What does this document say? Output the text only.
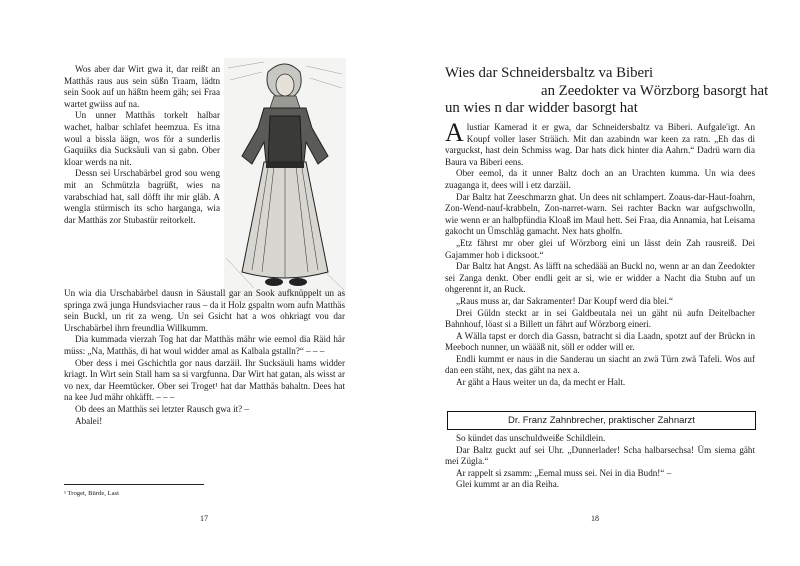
Wos aber dar Wirt gwa it, dar reißt an Matthäs raus aus sein süßn Traam, lädtn sein Sook auf un häßtn heem gäh; sei Fraa wartet gwiiss auf na.

Un unner Matthäs torkelt halbar wachet, halbar schlafet heemzua. Es itna woul a bissla äägn, wos för a sunderlis Gaquiiks dia Sucksäuli van si gabn. Ober kloar werds na nit.

Dessn sei Urschabärbel grod sou weng mit an Schmützla bagrüßt, wies na varabschiad hat, sall döfft ihr mir gläb. A wengla stürmisch its scho harganga, wia dar Matthäs zor Stubastür reitorkelt.

Un wia dia Urschabärbel dausn in Säustall gar an Sook aufknüppelt un as springa zwä junga Hundsviacher raus – da it Holz gspaltn wom aufn Matthäs sein Buckl, un rit za weng. Un sei Gsicht hat a wos ohkriagt vou dar Urschabärbel ihrn freundlia Willkumm.

Dia kummada vierzah Tog hat dar Matthäs mähr wie eemol dia Räid här müss: „Na, Matthäs, di hat woul widder amal as Kalbala gstalln?“ – – –

Ober dess i mei Gschichtla gor naus darzäil. Ihr Sucksäuli hams widder kriagt. In Wirt sein Stall ham sa si vargfunna. Dar Wirt hat gatan, als wisst ar vo nex, dar Heemtücker. Ober sei Troget¹ hat dar Matthäs bahaltn. Dees hat na kee Jud mähr ohkäfft. – – –

Ob dees an Matthäs sei letzter Rausch gwa it? –

Abalei!

¹ Troget, Bürde, Last
17
Wies dar Schneidersbaltz va Biberi
an Zeedokter va Wörzborg basorgt hat
un wies n dar widder basorgt hat

Alustiar Kamerad it er gwa, dar Schneidersbaltz va Biberi. Aufgale'igt. An Koupf voller laser Strääch. Mit dan azabindn war keen za ratn. „Eh das di varguckst, hast dein Schmiss wag. Dar hats dick hinter dia Aahrn.“ Dadrü warn dia Baura va Biberi eens.

Ober eemol, da it unner Baltz doch an an Urachten kumma. Un wia dees zuaganga it, dees will i etz darzäil.

Dar Baltz hat Zeeschmarzn ghat. Un dees nit schlampert. Zoaus-dar-Haut-foahrn, Zon-Wend-nauf-krabbeln, Zon-narret-warn. Sei rachter Backn war aufgschwolln, wie wenn er an halbpfündia Kloaß im Maul hett. Sei Fraa, dia Annamia, hat Leisama gakocht un Ümschläg gamacht. Nex hats gholfn.

„Etz fährst mr ober glei uf Wörzborg eini un lässt dein Zah rausreiß. Dei Gajammer hob i dicksoot.“

Dar Baltz hat Angst. As läfft na schedäää an Buckl no, wenn ar an dan Zeedokter sei Zanga denkt. Ober endli geit ar si, wie er widder a Nacht dia Stubn auf un ohgerennt it, an Ruck.

„Raus muss ar, dar Sakramenter! Dar Koupf werd dia blei.“

Drei Güldn steckt ar in sei Galdbeutala nei un gäht nü aufn Deitelbacher Bahnhouf, löast si a Billett un fährt auf Wörzborg einеri.

A Wälla tapst er dorch dia Gassn, batracht si dia Laadn, spotzt auf der Brückn in Meeboch nunner, un wäääß nit, söll er odder will er.

Endli kummt er naus in die Sanderau un siacht an zwä Türn zwä Tafeli. Wos auf dan een stäht, nex, das gäht na nex a.

Ar gäht a Haus weiter un da, da mecht er Halt.

Dr. Franz Zahnbrecher, praktischer Zahnarzt

So kündet das unschuldweiße Schildlein.

Dar Baltz guckt auf sei Uhr. „Dunnerlader! Scha halbarsechsa! Üm siema gäht mei Zügla.“

Ar rappelt si zsamm: „Eemal muss sei. Nei in dia Budn!“ –

Glei kummt ar an dia Reiha.

18
